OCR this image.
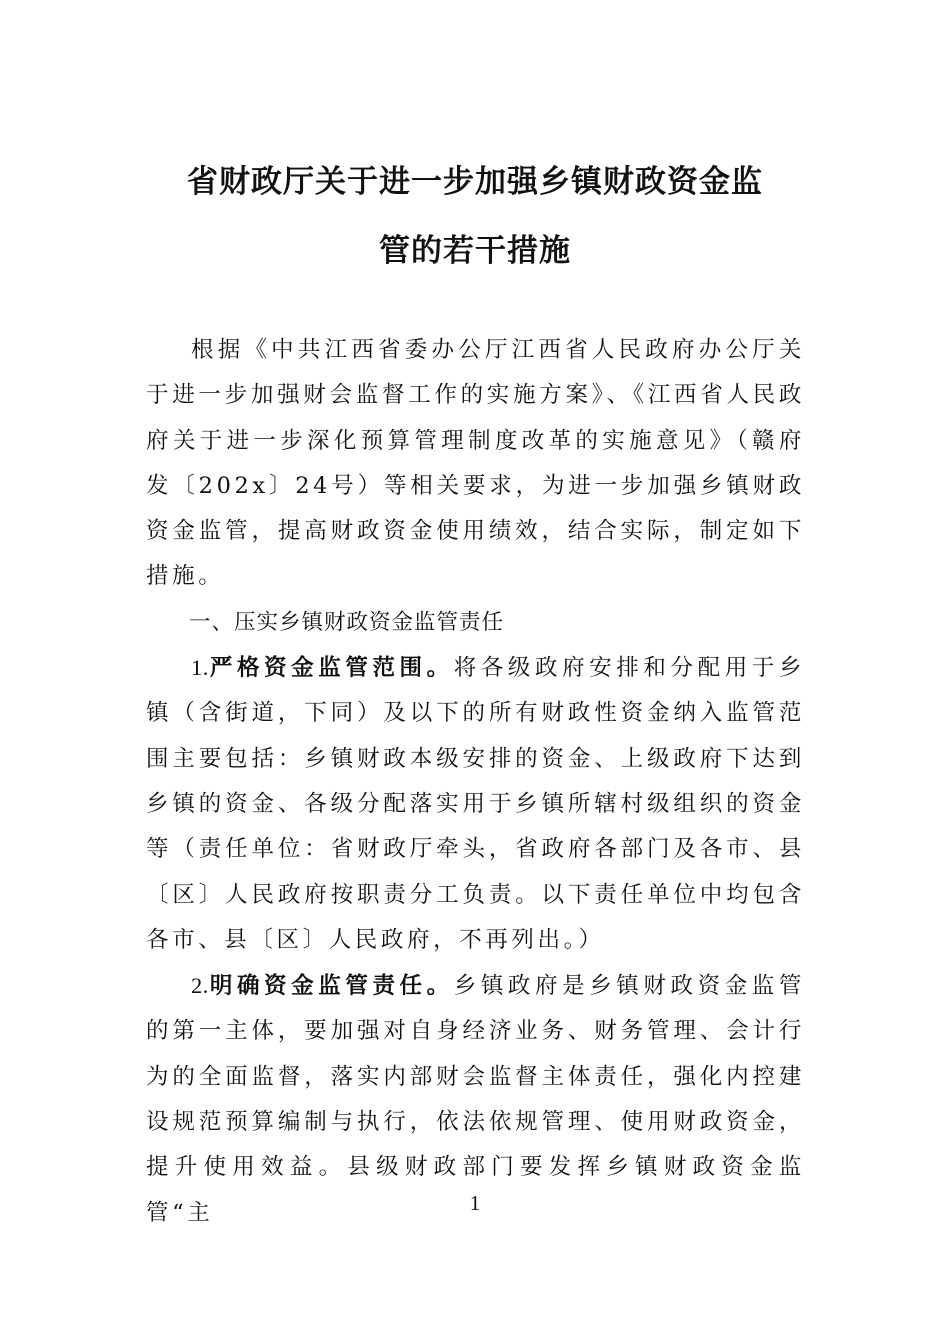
省财政厅关于进一步加强乡镇财政资金监
管的若干措施

根据《中共江西省委办公厅江西省人民政府办公厅关于进一步加强财会监督工作的实施方案》、《江西省人民政府关于进一步深化预算管理制度改革的实施意见》（赣府发〔202x〕24号）等相关要求，为进一步加强乡镇财政资金监管，提高财政资金使用绩效，结合实际，制定如下措施。

一、压实乡镇财政资金监管责任

1.严格资金监管范围。将各级政府安排和分配用于乡镇（含街道，下同）及以下的所有财政性资金纳入监管范围主要包括：乡镇财政本级安排的资金、上级政府下达到乡镇的资金、各级分配落实用于乡镇所辖村级组织的资金等（责任单位：省财政厅牵头，省政府各部门及各市、县〔区〕人民政府按职责分工负责。以下责任单位中均包含各市、县〔区〕人民政府，不再列出。）

2.明确资金监管责任。乡镇政府是乡镇财政资金监管的第一主体，要加强对自身经济业务、财务管理、会计行为的全面监督，落实内部财会监督主体责任，强化内控建设规范预算编制与执行，依法依规管理、使用财政资金，提升使用效益。县级财政部门要发挥乡镇财政资金监管“主	1
